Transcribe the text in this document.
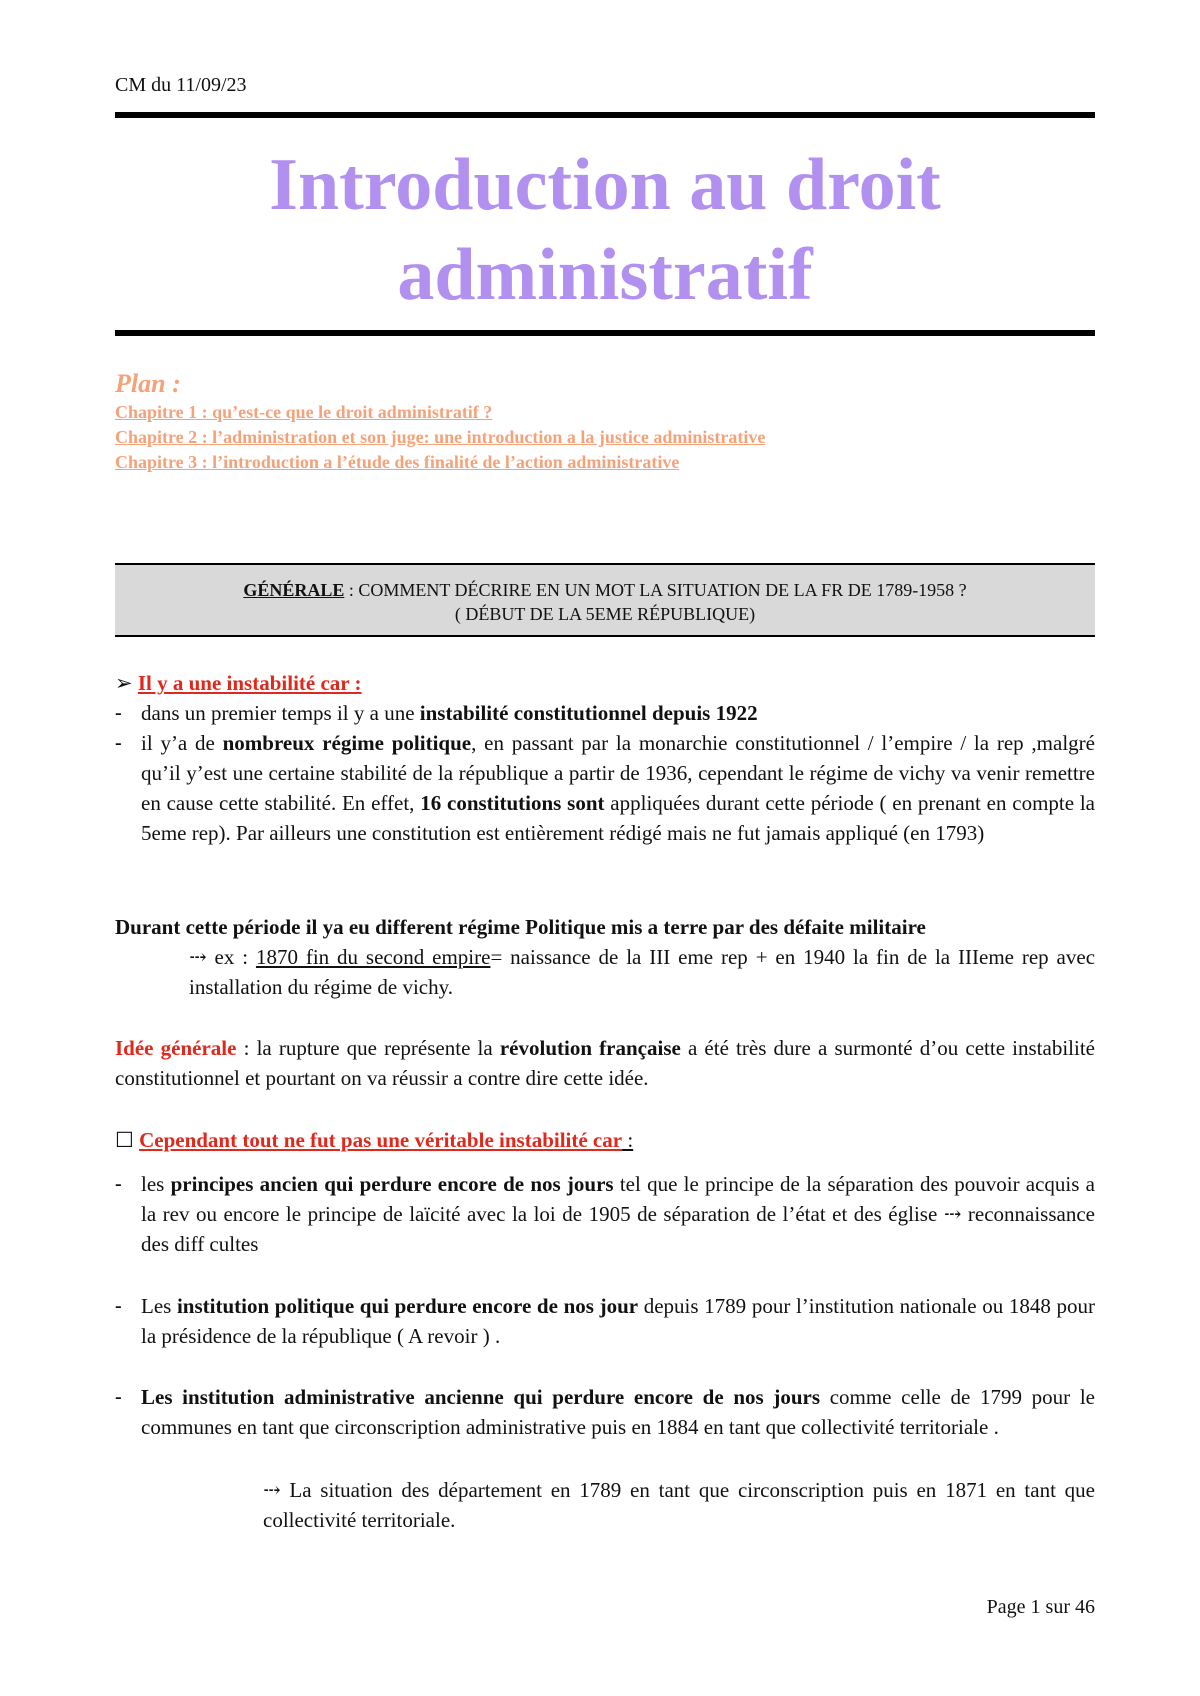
CM du 11/09/23
Introduction au droit
administratif
Plan :
Chapitre 1 : qu’est-ce que le droit administratif ?
Chapitre 2 : l’administration et son juge: une introduction a la justice administrative
Chapitre 3 : l’introduction a l’étude des finalité de l’action administrative
GÉNÉRALE : COMMENT DÉCRIRE EN UN MOT LA SITUATION DE LA FR DE 1789-1958 ?
( DÉBUT DE LA 5EME RÉPUBLIQUE)
➢ Il y a une instabilité car :
- dans un premier temps il y a une instabilité constitutionnel depuis 1922
- il y’a de nombreux régime politique, en passant par la monarchie constitutionnel / l’empire / la rep ,malgré qu’il y’est une certaine stabilité de la république a partir de 1936, cependant le régime de vichy va venir remettre en cause cette stabilité. En effet, 16 constitutions sont appliquées durant cette période ( en prenant en compte la 5eme rep). Par ailleurs une constitution est entièrement rédigé mais ne fut jamais appliqué (en 1793)
Durant cette période il ya eu different régime Politique mis a terre par des défaite militaire
⤏ ex : 1870 fin du second empire= naissance de la III eme rep + en 1940 la fin de la IIIeme rep avec installation du régime de vichy.
Idée générale : la rupture que représente la révolution française a été très dure a surmonté d’ou cette instabilité constitutionnel et pourtant on va réussir a contre dire cette idée.
☐ Cependant tout ne fut pas une véritable instabilité car :
- les principes ancien qui perdure encore de nos jours tel que le principe de la séparation des pouvoir acquis a la rev ou encore le principe de laïcité avec la loi de 1905 de séparation de l’état et des église ⤏ reconnaissance des diff cultes
- Les institution politique qui perdure encore de nos jour depuis 1789 pour l’institution nationale ou 1848 pour la présidence de la république ( A revoir ) .
- Les institution administrative ancienne qui perdure encore de nos jours comme celle de 1799 pour le communes en tant que circonscription administrative puis en 1884 en tant que collectivité territoriale .
⤏ La situation des département en 1789 en tant que circonscription puis en 1871 en tant que collectivité territoriale.
Page 1 sur 46
